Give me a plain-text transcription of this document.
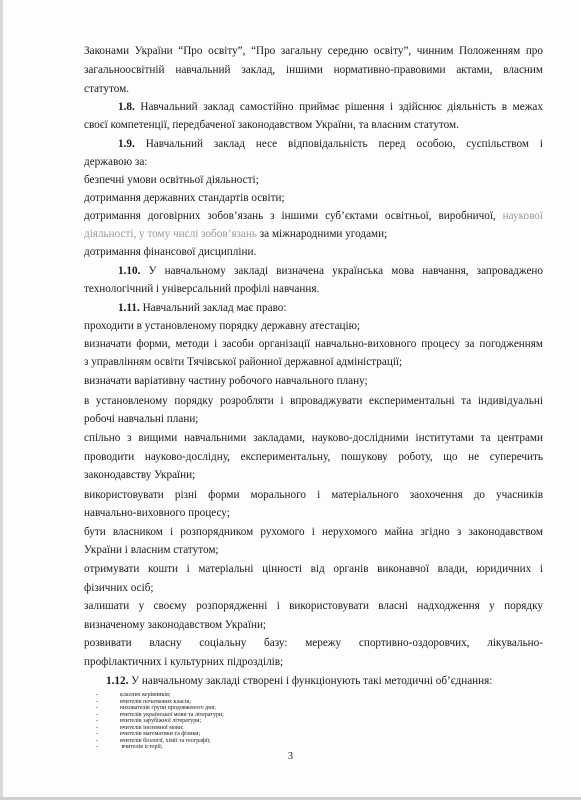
Законами України “Про освіту”, “Про загальну середню освіту”, чинним Положенням про
загальноосвітній навчальний заклад, іншими нормативно-правовими актами, власним
статутом.
1.8. Навчальний заклад самостійно приймає рішення і здійснює діяльність в межах
своєї компетенції, передбаченої законодавством України, та власним статутом.
1.9. Навчальний заклад несе відповідальність перед особою, суспільством і
державою за:
безпечні умови освітньої діяльності;
дотримання державних стандартів освіти;
дотримання договірних зобов’язань з іншими суб’єктами освітньої, виробничої, наукової
діяльності, у тому числі зобов’язань за міжнародними угодами;
дотримання фінансової дисципліни.
1.10. У навчальному закладі визначена українська мова навчання, запроваджено
технологічний і універсальний профілі навчання.
1.11. Навчальний заклад має право:
проходити в установленому порядку державну атестацію;
визначати форми, методи і засоби організації навчально-виховного процесу за погодженням
з управлінням освіти Тячівської районної державної адміністрації;
визначати варіативну частину робочого навчального плану;
в установленому порядку розробляти і впроваджувати експериментальні та індивідуальні
робочі навчальні плани;
спільно з вищими навчальними закладами, науково-дослідними інститутами та центрами
проводити науково-дослідну, експериментальну, пошукову роботу, що не суперечить
законодавству України;
використовувати різні форми морального і матеріального заохочення до учасників
навчально-виховного процесу;
бути власником і розпорядником рухомого і нерухомого майна згідно з законодавством
України і власним статутом;
отримувати кошти і матеріальні цінності від органів виконавчої влади, юридичних і
фізичних осіб;
залишати у своєму розпорядженні і використовувати власні надходження у порядку
визначеному законодавством України;
розвивати власну соціальну базу: мережу спортивно-оздоровчих, лікувально-
профілактичних і культурних підрозділів;
1.12. У навчальному закладі створені і функціонують такі методичні об’єднання:
-	класних керівників;
-	вчителів початкових класів;
-	вихователів групи продовженого дня;
-	вчителів української мови та літератури;
-	вчителів зарубіжної літератури;
-	вчителів іноземної мови;
-	вчителів математики та фізики;
-	вчителів біології, хімії та географії;
-	вчителів історії;
3
